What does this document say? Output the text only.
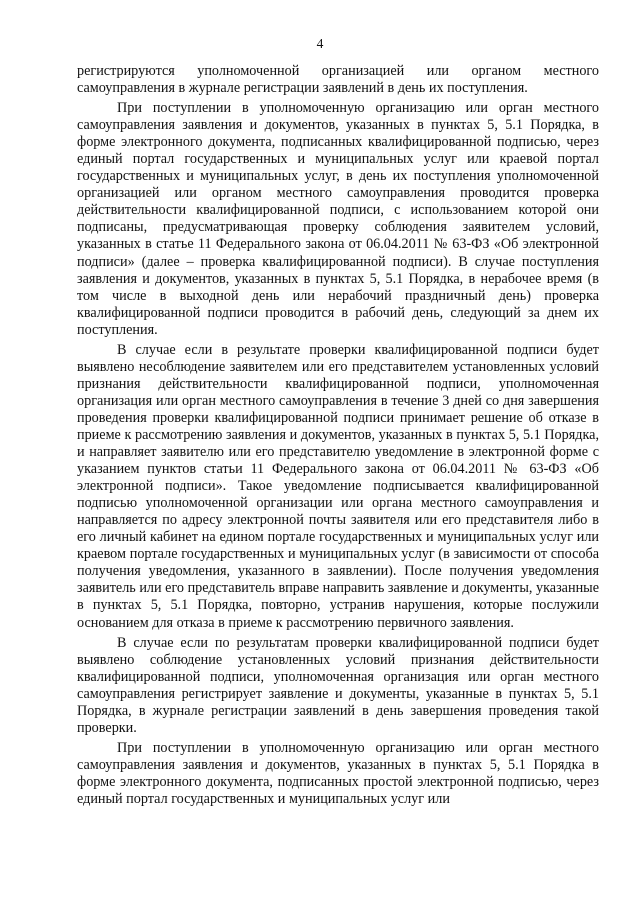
4

регистрируются уполномоченной организацией или органом местного самоуправления в журнале регистрации заявлений в день их поступления.

При поступлении в уполномоченную организацию или орган местного самоуправления заявления и документов, указанных в пунктах 5, 5.1 Порядка, в форме электронного документа, подписанных квалифицированной подписью, через единый портал государственных и муниципальных услуг или краевой портал государственных и муниципальных услуг, в день их поступления уполномоченной организацией или органом местного самоуправления проводится проверка действительности квалифицированной подписи, с использованием которой они подписаны, предусматривающая проверку соблюдения заявителем условий, указанных в статье 11 Федерального закона от 06.04.2011 № 63-ФЗ «Об электронной подписи» (далее – проверка квалифицированной подписи). В случае поступления заявления и документов, указанных в пунктах 5, 5.1 Порядка, в нерабочее время (в том числе в выходной день или нерабочий праздничный день) проверка квалифицированной подписи проводится в рабочий день, следующий за днем их поступления.

В случае если в результате проверки квалифицированной подписи будет выявлено несоблюдение заявителем или его представителем установленных условий признания действительности квалифицированной подписи, уполномоченная организация или орган местного самоуправления в течение 3 дней со дня завершения проведения проверки квалифицированной подписи принимает решение об отказе в приеме к рассмотрению заявления и документов, указанных в пунктах 5, 5.1 Порядка, и направляет заявителю или его представителю уведомление в электронной форме с указанием пунктов статьи 11 Федерального закона от 06.04.2011 № 63-ФЗ «Об электронной подписи». Такое уведомление подписывается квалифицированной подписью уполномоченной организации или органа местного самоуправления и направляется по адресу электронной почты заявителя или его представителя либо в его личный кабинет на едином портале государственных и муниципальных услуг или краевом портале государственных и муниципальных услуг (в зависимости от способа получения уведомления, указанного в заявлении). После получения уведомления заявитель или его представитель вправе направить заявление и документы, указанные в пунктах 5, 5.1 Порядка, повторно, устранив нарушения, которые послужили основанием для отказа в приеме к рассмотрению первичного заявления.

В случае если по результатам проверки квалифицированной подписи будет выявлено соблюдение установленных условий признания действительности квалифицированной подписи, уполномоченная организация или орган местного самоуправления регистрирует заявление и документы, указанные в пунктах 5, 5.1 Порядка, в журнале регистрации заявлений в день завершения проведения такой проверки.

При поступлении в уполномоченную организацию или орган местного самоуправления заявления и документов, указанных в пунктах 5, 5.1 Порядка в форме электронного документа, подписанных простой электронной подписью, через единый портал государственных и муниципальных услуг или
